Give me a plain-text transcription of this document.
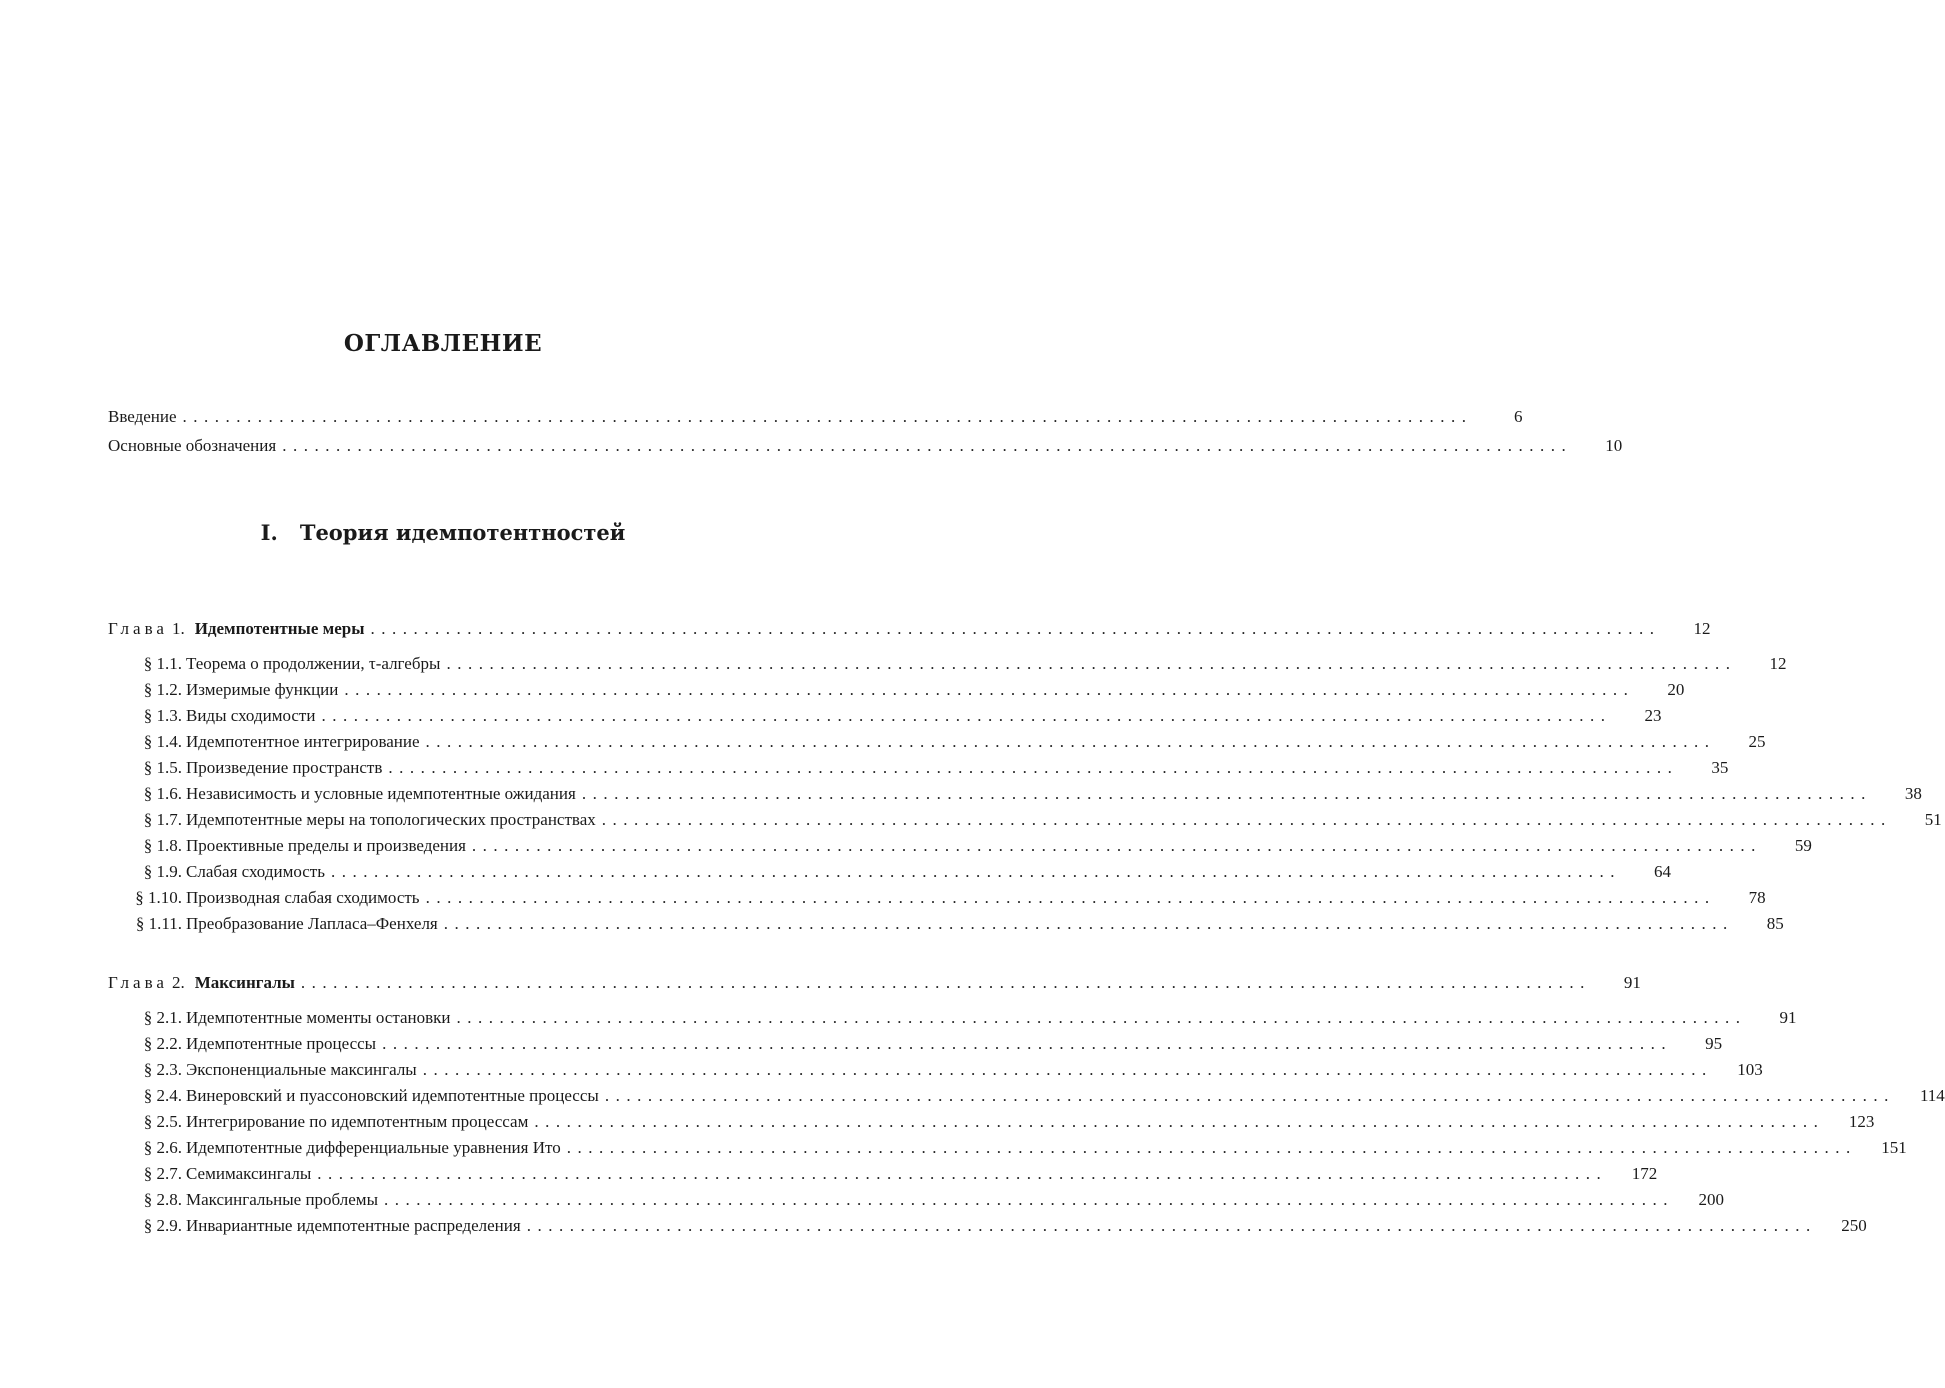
ОГЛАВЛЕНИЕ
Введение ........................................................................................................................	6
Основные обозначения ........................................................................................................................	10
I. Теория идемпотентностей
Глава 1. Идемпотентные меры ........................................................................................................................	12
§ 1.1. Теорема о продолжении, τ-алгебры ........................................................................................................................	12
§ 1.2. Измеримые функции ........................................................................................................................	20
§ 1.3. Виды сходимости ........................................................................................................................	23
§ 1.4. Идемпотентное интегрирование ........................................................................................................................	25
§ 1.5. Произведение пространств ........................................................................................................................	35
§ 1.6. Независимость и условные идемпотентные ожидания ........................................................................................................................	38
§ 1.7. Идемпотентные меры на топологических пространствах ........................................................................................................................	51
§ 1.8. Проективные пределы и произведения ........................................................................................................................	59
§ 1.9. Слабая сходимость ........................................................................................................................	64
§ 1.10. Производная слабая сходимость ........................................................................................................................	78
§ 1.11. Преобразование Лапласа–Фенхеля ........................................................................................................................	85
Глава 2. Максингалы ........................................................................................................................	91
§ 2.1. Идемпотентные моменты остановки ........................................................................................................................	91
§ 2.2. Идемпотентные процессы ........................................................................................................................	95
§ 2.3. Экспоненциальные максингалы ........................................................................................................................	103
§ 2.4. Винеровский и пуассоновский идемпотентные процессы ........................................................................................................................	114
§ 2.5. Интегрирование по идемпотентным процессам ........................................................................................................................	123
§ 2.6. Идемпотентные дифференциальные уравнения Ито ........................................................................................................................	151
§ 2.7. Семимаксингалы ........................................................................................................................	172
§ 2.8. Максингальные проблемы ........................................................................................................................	200
§ 2.9. Инвариантные идемпотентные распределения ........................................................................................................................	250
